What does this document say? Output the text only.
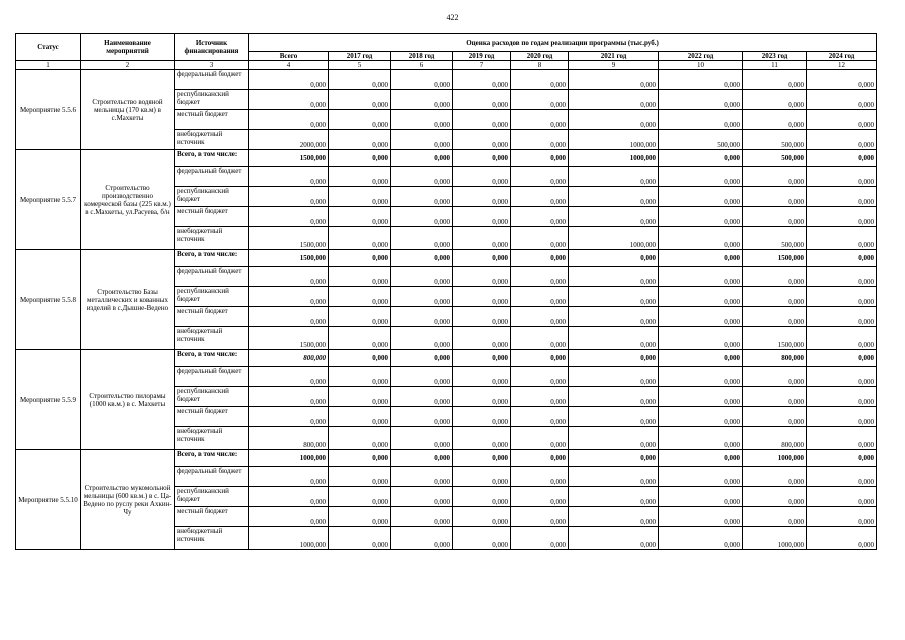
422
Статус	Наименование мероприятий	Источник финансирования	Оценка расходов по годам реализации программы (тыс.руб.)								
			Всего	2017 год	2018 год	2019 год	2020 год	2021 год	2022 год	2023 год	2024 год
1	2	3	4	5	6	7	8	9	10	11	12
Мероприятие 5.5.6	Строительство водяной мельницы (170 кв.м) в с.Махкеты	федеральный бюджет	0,000	0,000	0,000	0,000	0,000	0,000	0,000	0,000	0,000
		республиканский бюджет	0,000	0,000	0,000	0,000	0,000	0,000	0,000	0,000	0,000
		местный бюджет	0,000	0,000	0,000	0,000	0,000	0,000	0,000	0,000	0,000
		внебюджетный источник	2000,000	0,000	0,000	0,000	0,000	1000,000	500,000	500,000	0,000
Мероприятие 5.5.7	Строительство производственно комерческой базы (225 кв.м.) в с.Махкеты, ул.Расуева, б/н	Всего, в том числе:	1500,000	0,000	0,000	0,000	0,000	1000,000	0,000	500,000	0,000
		федеральный бюджет	0,000	0,000	0,000	0,000	0,000	0,000	0,000	0,000	0,000
		республиканский бюджет	0,000	0,000	0,000	0,000	0,000	0,000	0,000	0,000	0,000
		местный бюджет	0,000	0,000	0,000	0,000	0,000	0,000	0,000	0,000	0,000
		внебюджетный источник	1500,000	0,000	0,000	0,000	0,000	1000,000	0,000	500,000	0,000
Мероприятие 5.5.8	Строительство Базы металлических и кованных изделий в с.Дышне-Ведено	Всего, в том числе:	1500,000	0,000	0,000	0,000	0,000	0,000	0,000	1500,000	0,000
		федеральный бюджет	0,000	0,000	0,000	0,000	0,000	0,000	0,000	0,000	0,000
		республиканский бюджет	0,000	0,000	0,000	0,000	0,000	0,000	0,000	0,000	0,000
		местный бюджет	0,000	0,000	0,000	0,000	0,000	0,000	0,000	0,000	0,000
		внебюджетный источник	1500,000	0,000	0,000	0,000	0,000	0,000	0,000	1500,000	0,000
Мероприятие 5.5.9	Строительство пилорамы (1000 кв.м.) в с. Махкеты	Всего, в том числе:	800,000	0,000	0,000	0,000	0,000	0,000	0,000	800,000	0,000
		федеральный бюджет	0,000	0,000	0,000	0,000	0,000	0,000	0,000	0,000	0,000
		республиканский бюджет	0,000	0,000	0,000	0,000	0,000	0,000	0,000	0,000	0,000
		местный бюджет	0,000	0,000	0,000	0,000	0,000	0,000	0,000	0,000	0,000
		внебюджетный источник	800,000	0,000	0,000	0,000	0,000	0,000	0,000	800,000	0,000
Мероприятие 5.5.10	Строительство мукомольной мельницы (600 кв.м.) в с. Ца-Ведено по руслу реки Ахкин-Чу	Всего, в том числе:	1000,000	0,000	0,000	0,000	0,000	0,000	0,000	1000,000	0,000
		федеральный бюджет	0,000	0,000	0,000	0,000	0,000	0,000	0,000	0,000	0,000
		республиканский бюджет	0,000	0,000	0,000	0,000	0,000	0,000	0,000	0,000	0,000
		местный бюджет	0,000	0,000	0,000	0,000	0,000	0,000	0,000	0,000	0,000
		внебюджетный источник	1000,000	0,000	0,000	0,000	0,000	0,000	0,000	1000,000	0,000
